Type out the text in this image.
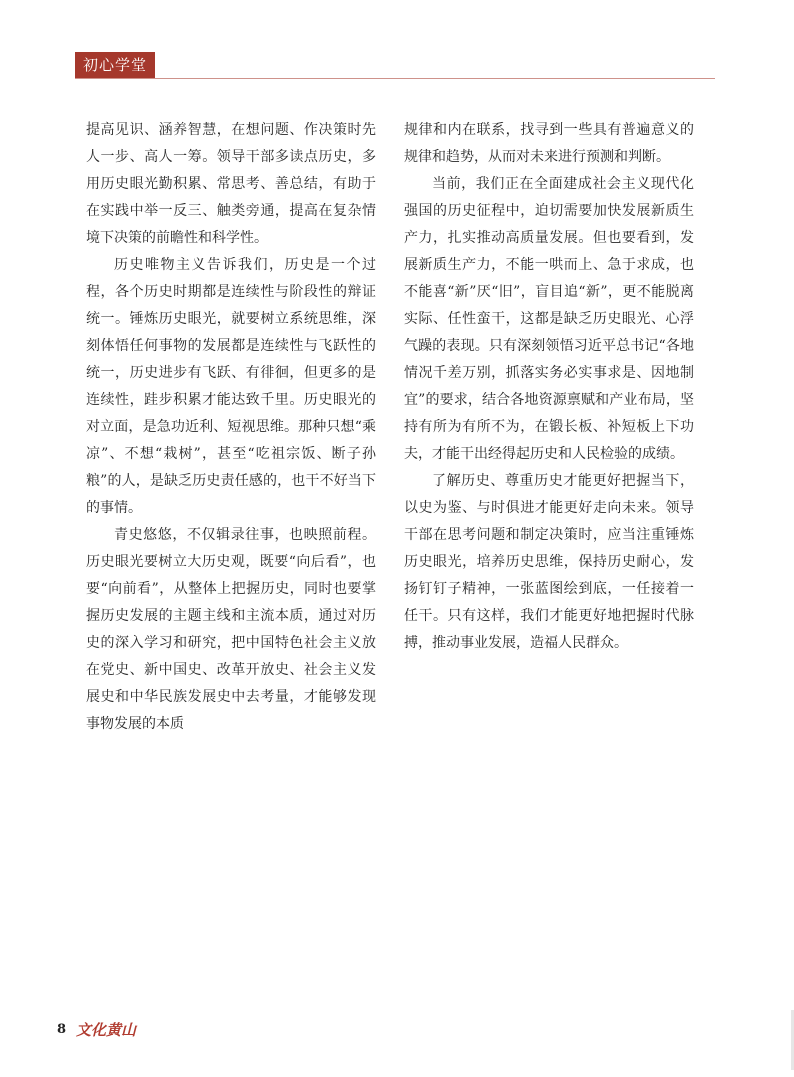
初心学堂

提高见识、涵养智慧，在想问题、作决策时先人一步、高人一筹。领导干部多读点历史，多用历史眼光勤积累、常思考、善总结，有助于在实践中举一反三、触类旁通，提高在复杂情境下决策的前瞻性和科学性。

历史唯物主义告诉我们，历史是一个过程，各个历史时期都是连续性与阶段性的辩证统一。锤炼历史眼光，就要树立系统思维，深刻体悟任何事物的发展都是连续性与飞跃性的统一，历史进步有飞跃、有徘徊，但更多的是连续性，跬步积累才能达致千里。历史眼光的对立面，是急功近利、短视思维。那种只想“乘凉”、不想“栽树”，甚至“吃祖宗饭、断子孙粮”的人，是缺乏历史责任感的，也干不好当下的事情。

青史悠悠，不仅辑录往事，也映照前程。历史眼光要树立大历史观，既要“向后看”，也要“向前看”，从整体上把握历史，同时也要掌握历史发展的主题主线和主流本质，通过对历史的深入学习和研究，把中国特色社会主义放在党史、新中国史、改革开放史、社会主义发展史和中华民族发展史中去考量，才能够发现事物发展的本质

规律和内在联系，找寻到一些具有普遍意义的规律和趋势，从而对未来进行预测和判断。

当前，我们正在全面建成社会主义现代化强国的历史征程中，迫切需要加快发展新质生产力，扎实推动高质量发展。但也要看到，发展新质生产力，不能一哄而上、急于求成，也不能喜“新”厌“旧”，盲目追“新”，更不能脱离实际、任性蛮干，这都是缺乏历史眼光、心浮气躁的表现。只有深刻领悟习近平总书记“各地情况千差万别，抓落实务必实事求是、因地制宜”的要求，结合各地资源禀赋和产业布局，坚持有所为有所不为，在锻长板、补短板上下功夫，才能干出经得起历史和人民检验的成绩。

了解历史、尊重历史才能更好把握当下，以史为鉴、与时俱进才能更好走向未来。领导干部在思考问题和制定决策时，应当注重锤炼历史眼光，培养历史思维，保持历史耐心，发扬钉钉子精神，一张蓝图绘到底，一任接着一任干。只有这样，我们才能更好地把握时代脉搏，推动事业发展，造福人民群众。

8 文化黄山
